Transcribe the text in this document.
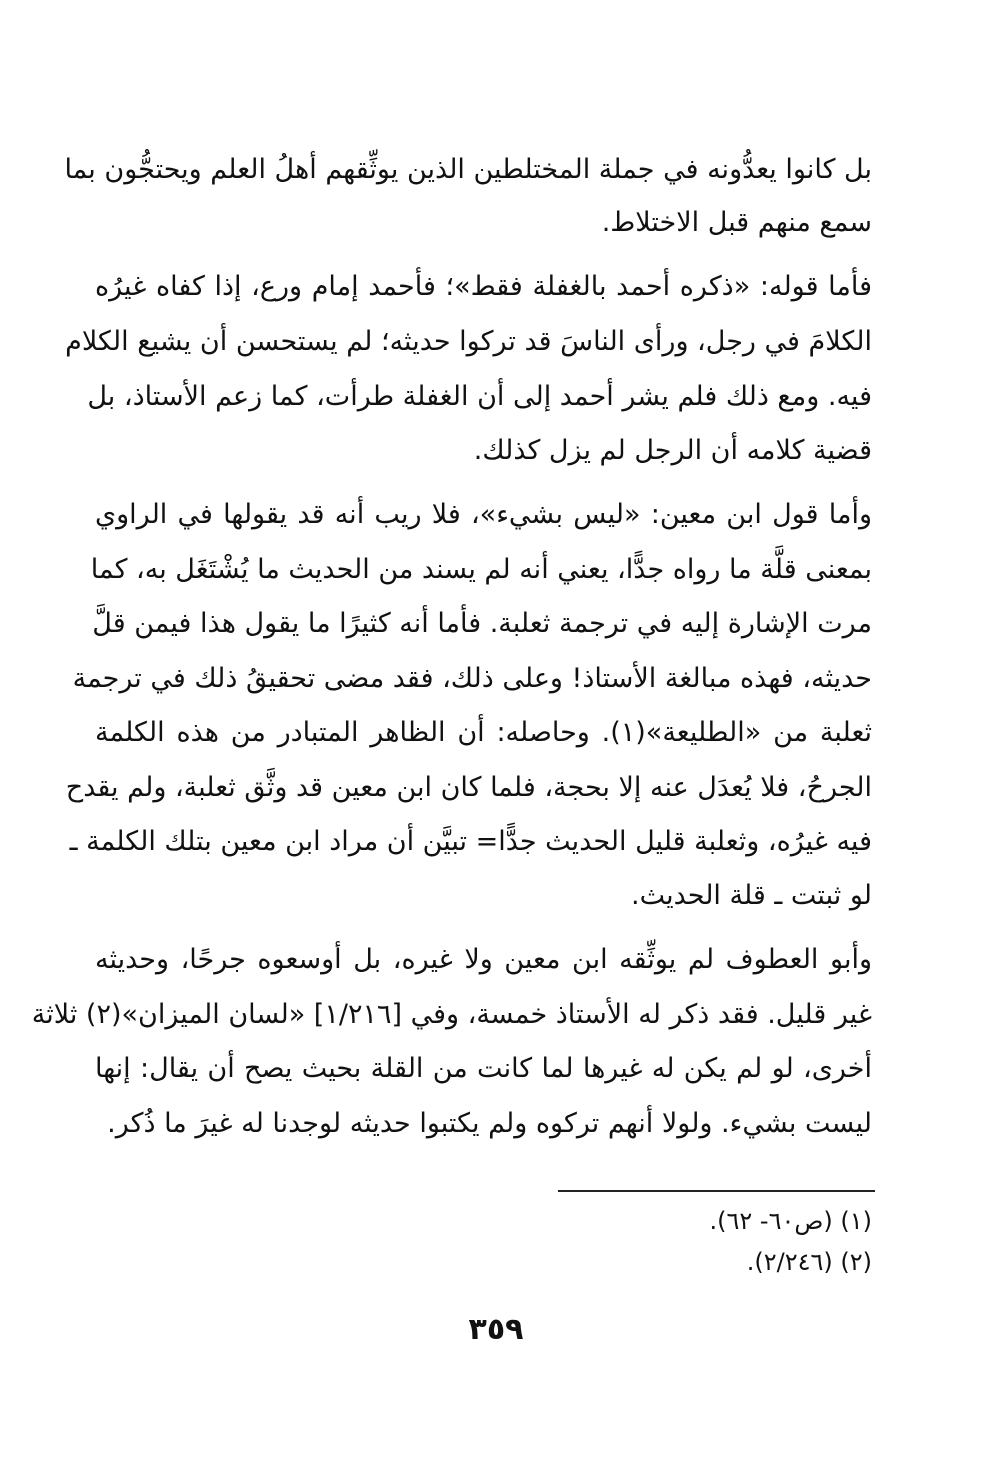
بل كانوا يعدُّونه في جملة المختلطين الذين يوثِّقهم أهلُ العلم ويحتجُّون بما
سمع منهم قبل الاختلاط.
فأما قوله: «ذكره أحمد بالغفلة فقط»؛ فأحمد إمام ورع، إذا كفاه غيرُه
الكلامَ في رجل، ورأى الناسَ قد تركوا حديثه؛ لم يستحسن أن يشيع الكلام
فيه. ومع ذلك فلم يشر أحمد إلى أن الغفلة طرأت، كما زعم الأستاذ، بل
قضية كلامه أن الرجل لم يزل كذلك.
وأما قول ابن معين: «ليس بشيء»، فلا ريب أنه قد يقولها في الراوي
بمعنى قلَّة ما رواه جدًّا، يعني أنه لم يسند من الحديث ما يُشْتَغَل به، كما
مرت الإشارة إليه في ترجمة ثعلبة. فأما أنه كثيرًا ما يقول هذا فيمن قلَّ
حديثه، فهذه مبالغة الأستاذ! وعلى ذلك، فقد مضى تحقيقُ ذلك في ترجمة
ثعلبة من «الطليعة»(١). وحاصله: أن الظاهر المتبادر من هذه الكلمة
الجرحُ، فلا يُعدَل عنه إلا بحجة، فلما كان ابن معين قد وثَّق ثعلبة، ولم يقدح
فيه غيرُه، وثعلبة قليل الحديث جدًّا= تبيَّن أن مراد ابن معين بتلك الكلمة ـ
لو ثبتت ـ قلة الحديث.
وأبو العطوف لم يوثِّقه ابن معين ولا غيره، بل أوسعوه جرحًا، وحديثه
غير قليل. فقد ذكر له الأستاذ خمسة، وفي [١/٢١٦] «لسان الميزان»(٢) ثلاثة
أخرى، لو لم يكن له غيرها لما كانت من القلة بحيث يصح أن يقال: إنها
ليست بشيء. ولولا أنهم تركوه ولم يكتبوا حديثه لوجدنا له غيرَ ما ذُكر.
(١) (ص٦٠- ٦٢).
(٢) (٢/٢٤٦).
٣٥٩
